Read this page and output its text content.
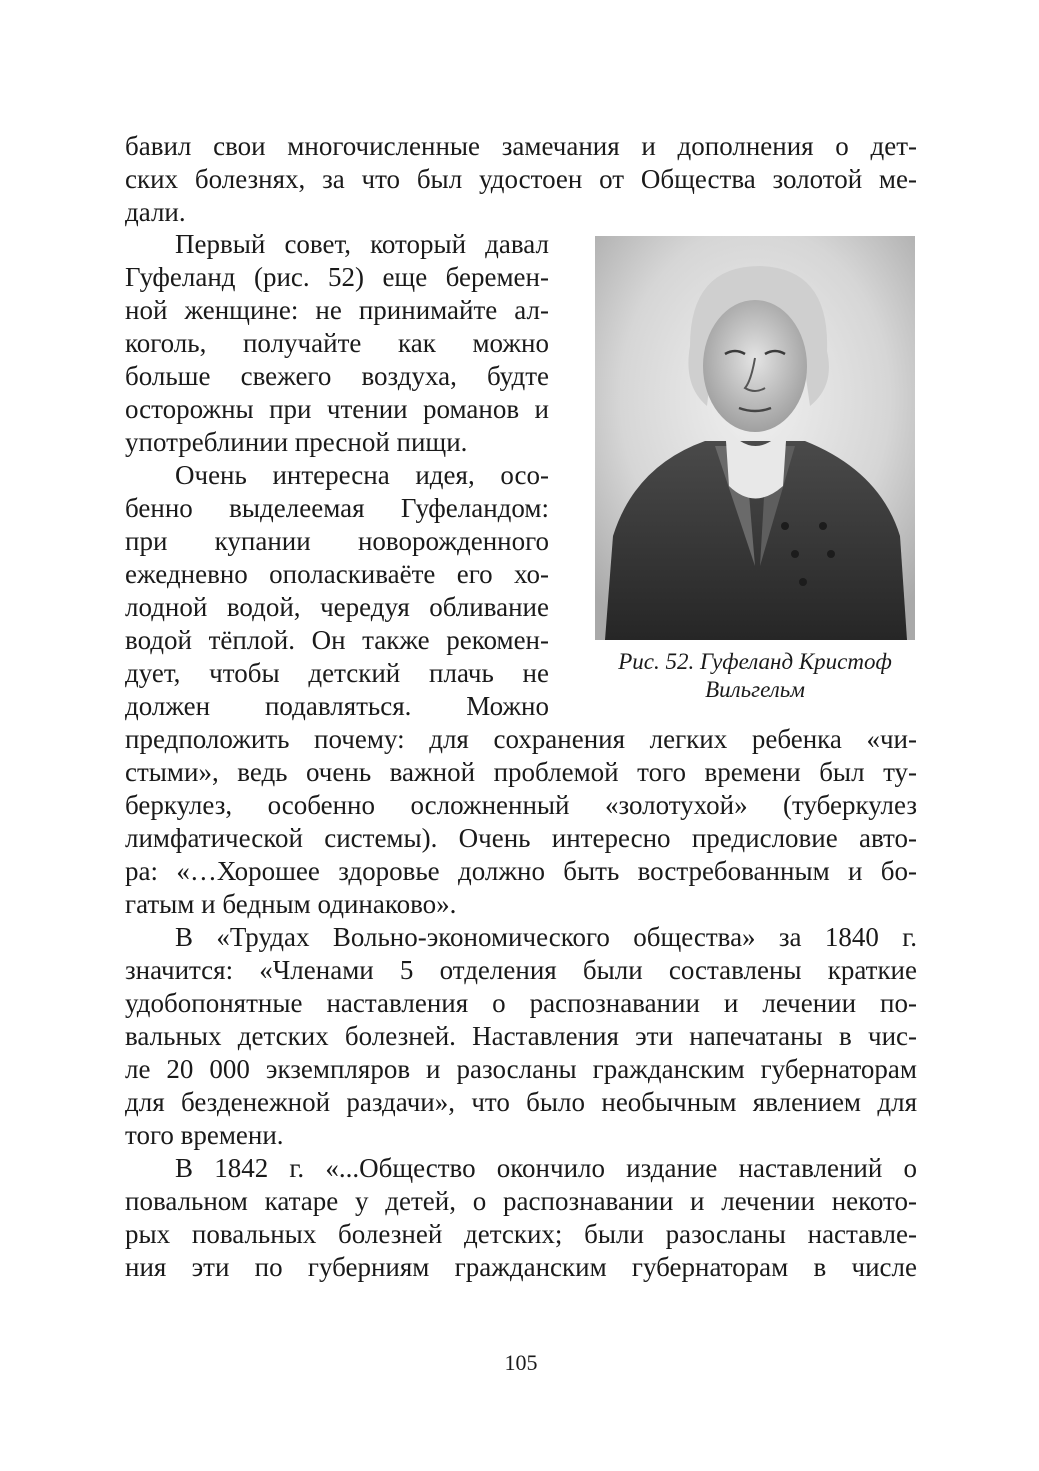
бавил свои многочисленные замечания и дополнения о дет-
ских болезнях, за что был удостоен от Общества золотой ме-
дали.
Первый совет, который давал
Гуфеланд (рис. 52) еще беремен-
ной женщине: не принимайте ал-
коголь, получайте как можно
больше свежего воздуха, будте
осторожны при чтении романов и
употреблинии пресной пищи.
Очень интересна идея, осо-
бенно выделеемая Гуфеландом:
при купании новорожденного
ежедневно ополаскиваёте его хо-
лодной водой, чередуя обливание
водой тёплой. Он также рекомен-
дует, чтобы детский плачь не
должен подавляться. Можно
предположить почему: для сохранения легких ребенка «чи-
стыми», ведь очень важной проблемой того времени был ту-
беркулез, особенно осложненный «золотухой» (туберкулез
лимфатической системы). Очень интересно предисловие авто-
ра: «…Хорошее здоровье должно быть востребованным и бо-
гатым и бедным одинаково».
В «Трудах Вольно-экономического общества» за 1840 г.
значится: «Членами 5 отделения были составлены краткие
удобопонятные наставления о распознавании и лечении по-
вальных детских болезней. Наставления эти напечатаны в чис-
ле 20 000 экземпляров и разосланы гражданским губернаторам
для безденежной раздачи», что было необычным явлением для
того времени.
В 1842 г. «...Общество окончило издание наставлений о
повальном катаре у детей, о распознавании и лечении некото-
рых повальных болезней детских; были разосланы наставле-
ния эти по губерниям гражданским губернаторам в числе
Рис. 52. Гуфеланд Кристоф
Вильгельм
105
